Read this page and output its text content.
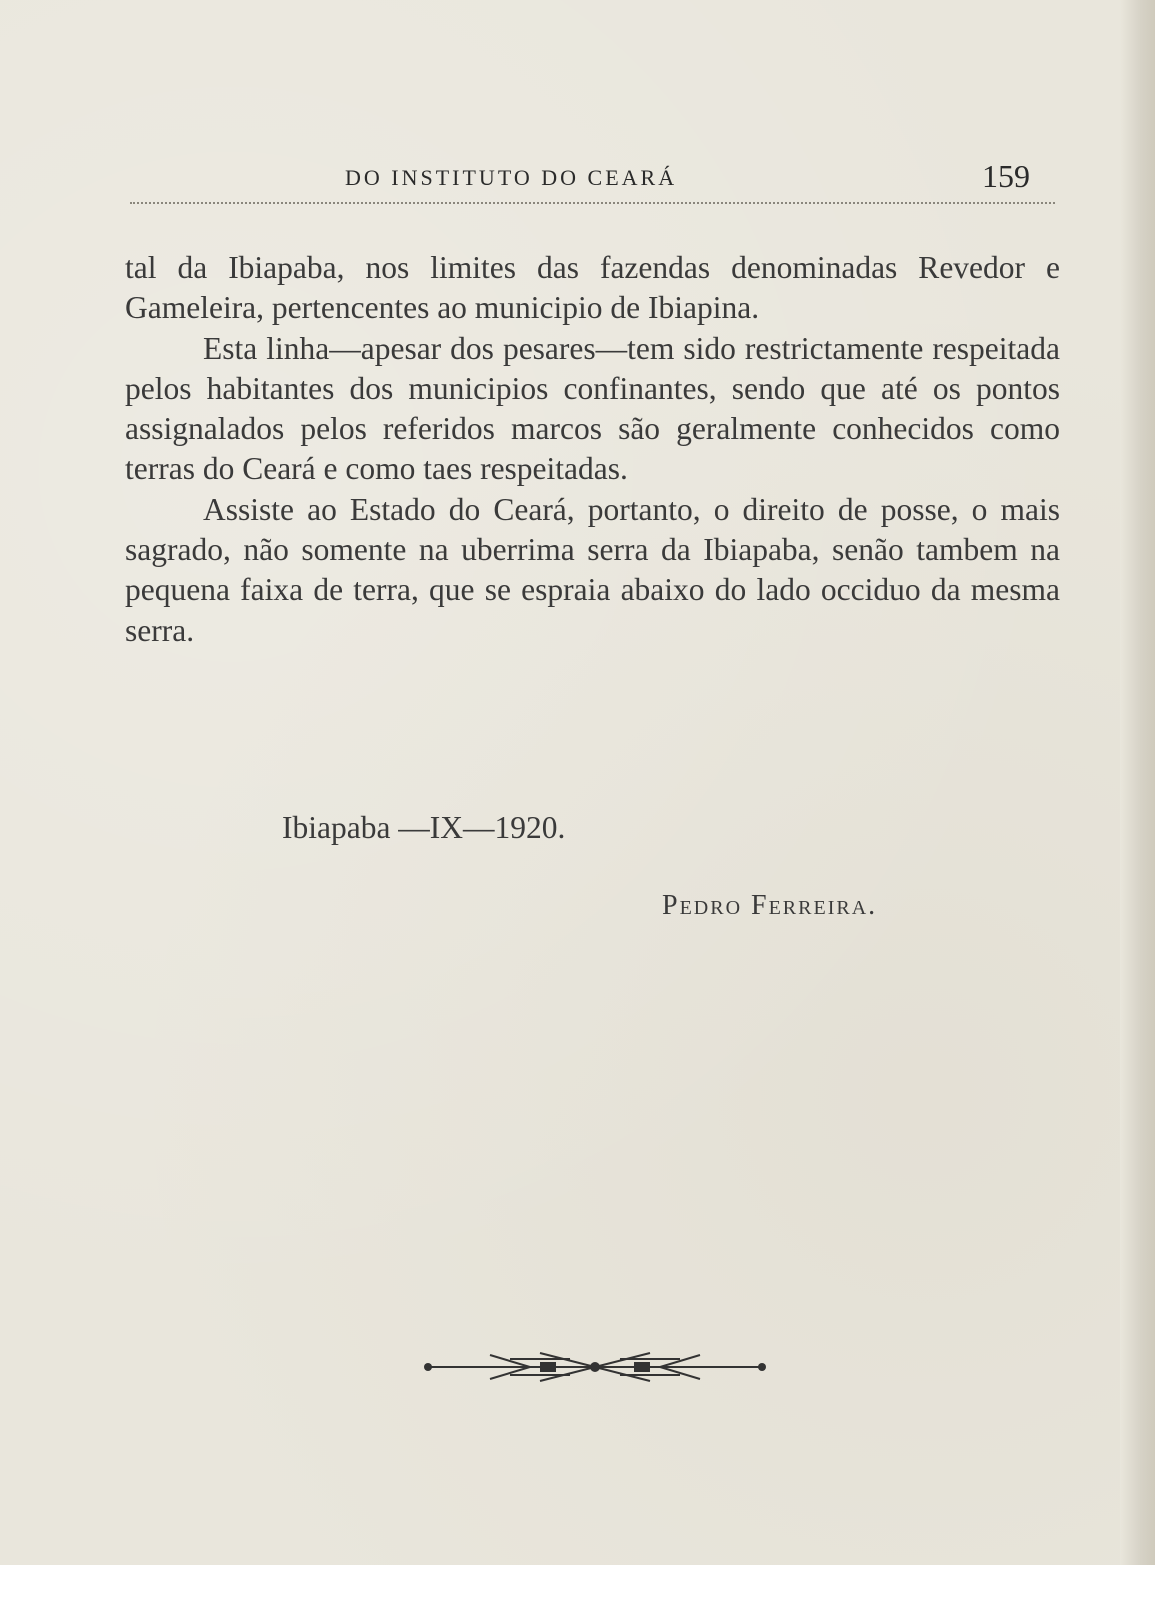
DO INSTITUTO DO CEARÁ	159

tal da Ibiapaba, nos limites das fazendas denominadas Revedor e Gameleira, pertencentes ao municipio de Ibiapina.

Esta linha—apesar dos pesares—tem sido restrictamente respeitada pelos habitantes dos municipios confinantes, sendo que até os pontos assignalados pelos referidos marcos são geralmente conhecidos como terras do Ceará e como taes respeitadas.

Assiste ao Estado do Ceará, portanto, o direito de posse, o mais sagrado, não somente na uberrima serra da Ibiapaba, senão tambem na pequena faixa de terra, que se espraia abaixo do lado occiduo da mesma serra.

Ibiapaba —IX—1920.
Pedro Ferreira.
